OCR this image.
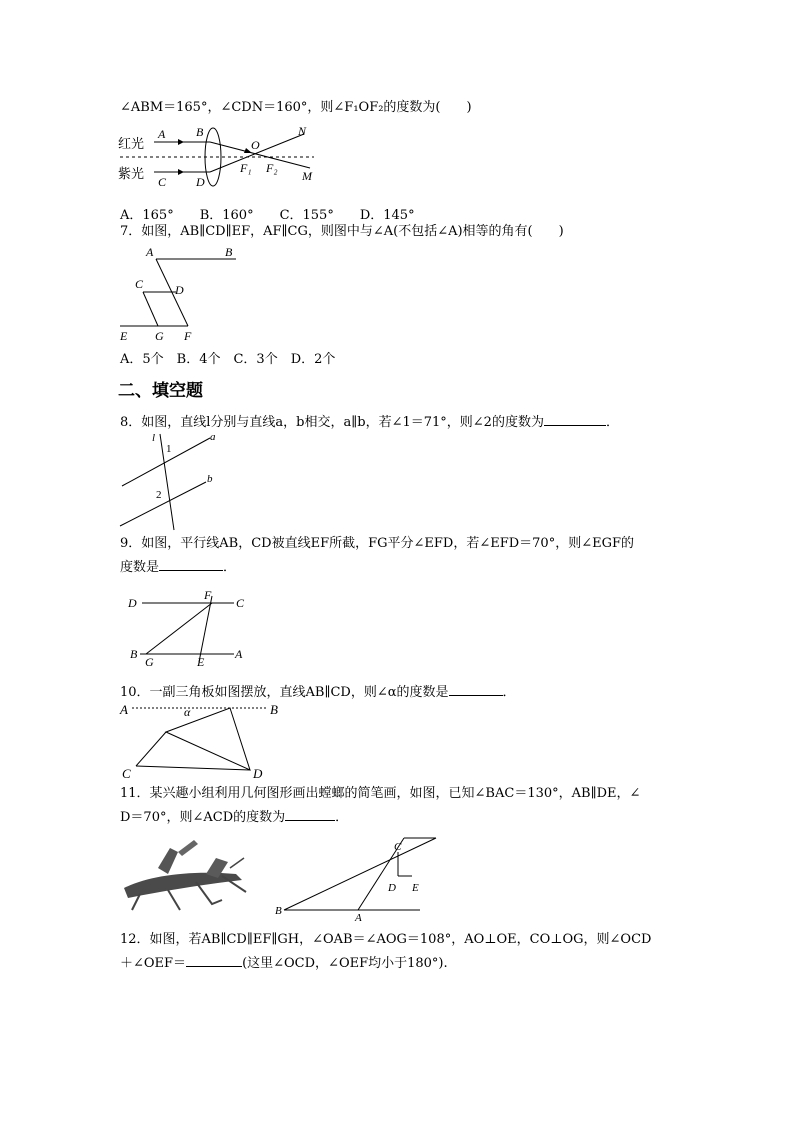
∠ABM＝165°，∠CDN＝160°，则∠F₁OF₂的度数为(　　)
红光
紫光
A	B
C D
O
N
M
F₁ F₂
A．165°　　B．160°　　C．155°　　D．145°
7．如图，AB∥CD∥EF，AF∥CG，则图中与∠A(不包括∠A)相等的角有(　　)
A	B
C	D
E G F
A．5个　B．4个　C．3个　D．2个
二、填空题
8．如图，直线l分别与直线a，b相交，a∥b，若∠1＝71°，则∠2的度数为	．
l	a
b
1
2
9．如图，平行线AB，CD被直线EF所截，FG平分∠EFD，若∠EFD＝70°，则∠EGF的
度数是	．
D
F
C
B
G	E
A
10．一副三角板如图摆放，直线AB∥CD，则∠α的度数是	．
A	B
C	D
α
11．某兴趣小组利用几何图形画出螳螂的简笔画，如图，已知∠BAC＝130°，AB∥DE，∠
D＝70°，则∠ACD的度数为	．
C
D E
B
A
12．如图，若AB∥CD∥EF∥GH，∠OAB＝∠AOG＝108°，AO⊥OE，CO⊥OG，则∠OCD
＋∠OEF＝	(这里∠OCD，∠OEF均小于180°).
